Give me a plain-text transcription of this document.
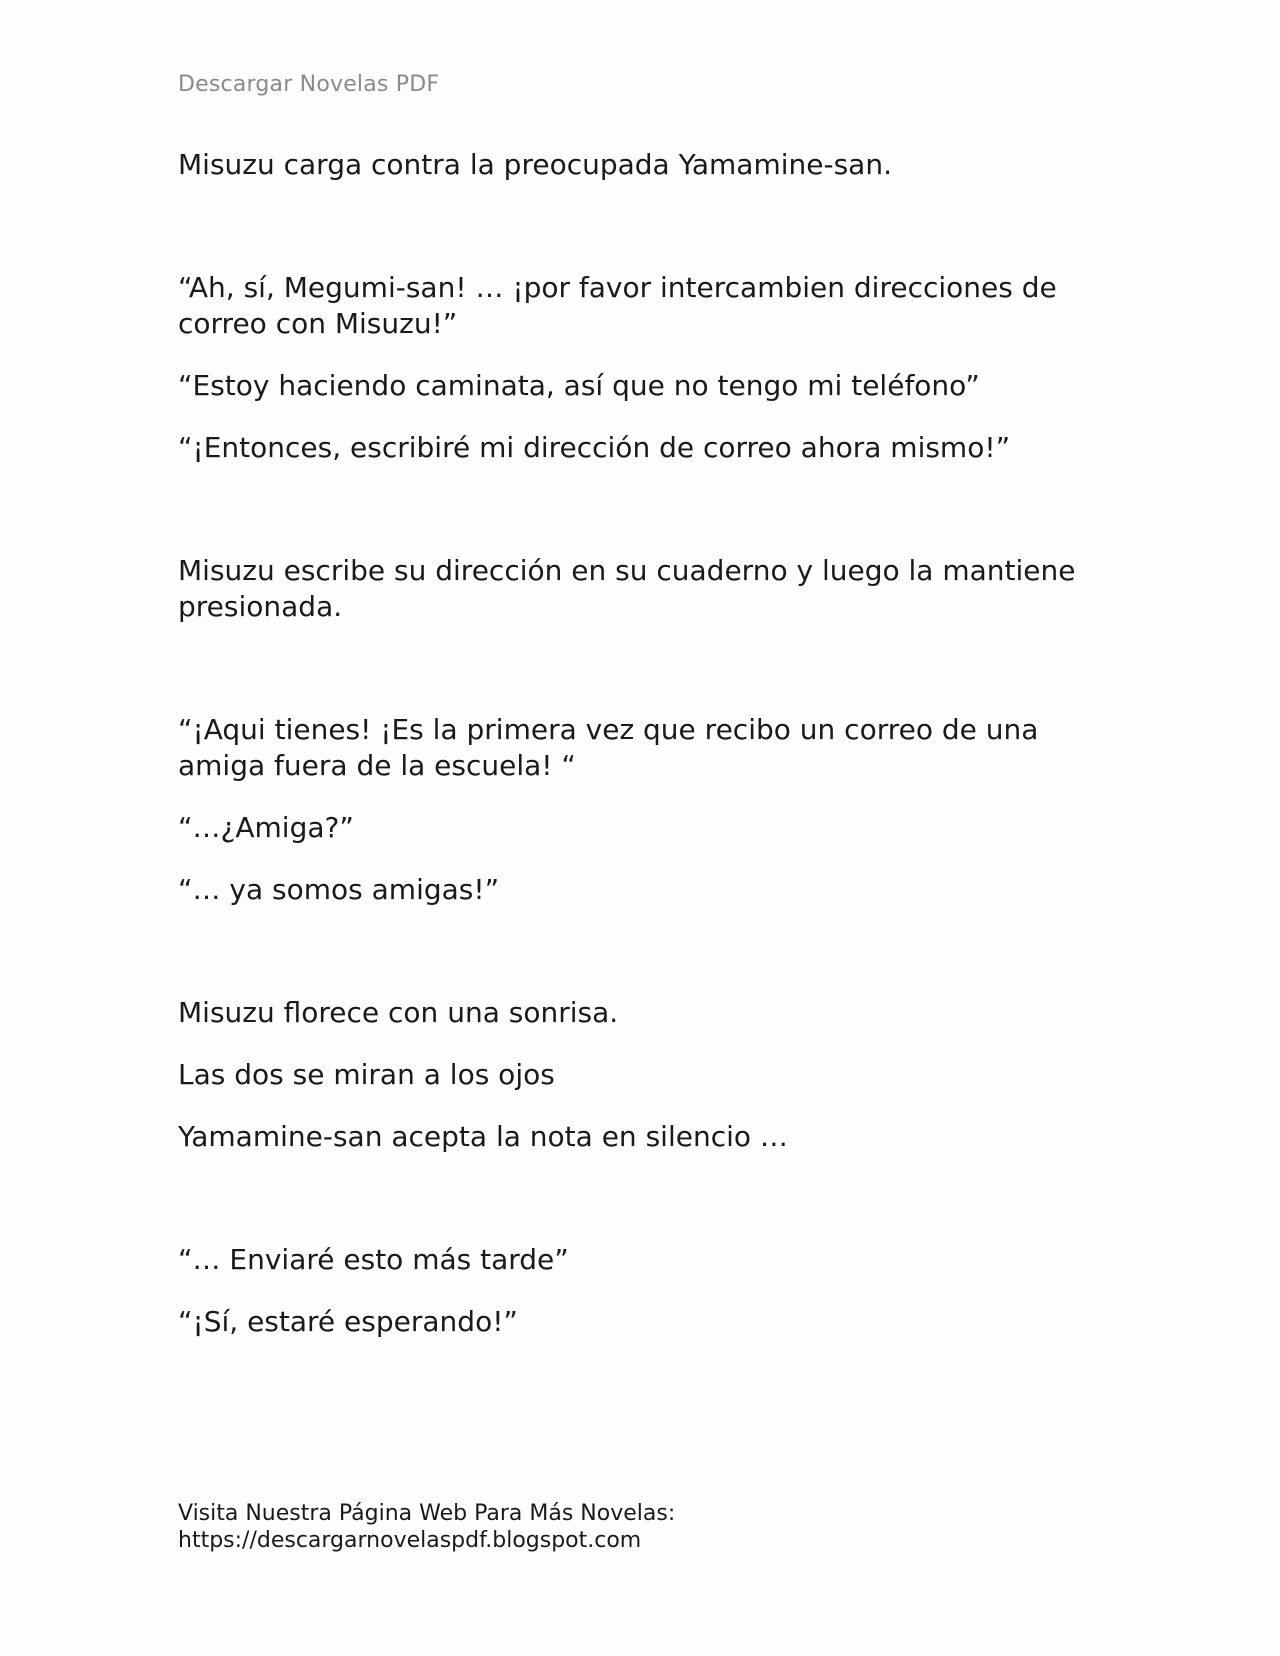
Descargar Novelas PDF

Misuzu carga contra la preocupada Yamamine-san.

“Ah, sí, Megumi-san! … ¡por favor intercambien direcciones de correo con Misuzu!”

“Estoy haciendo caminata, así que no tengo mi teléfono”

“¡Entonces, escribiré mi dirección de correo ahora mismo!”

Misuzu escribe su dirección en su cuaderno y luego la mantiene presionada.

“¡Aqui tienes! ¡Es la primera vez que recibo un correo de una amiga fuera de la escuela! “

“…¿Amiga?”

“… ya somos amigas!”

Misuzu florece con una sonrisa.

Las dos se miran a los ojos

Yamamine-san acepta la nota en silencio …

“… Enviaré esto más tarde”

“¡Sí, estaré esperando!”

Visita Nuestra Página Web Para Más Novelas:
https://descargarnovelaspdf.blogspot.com
